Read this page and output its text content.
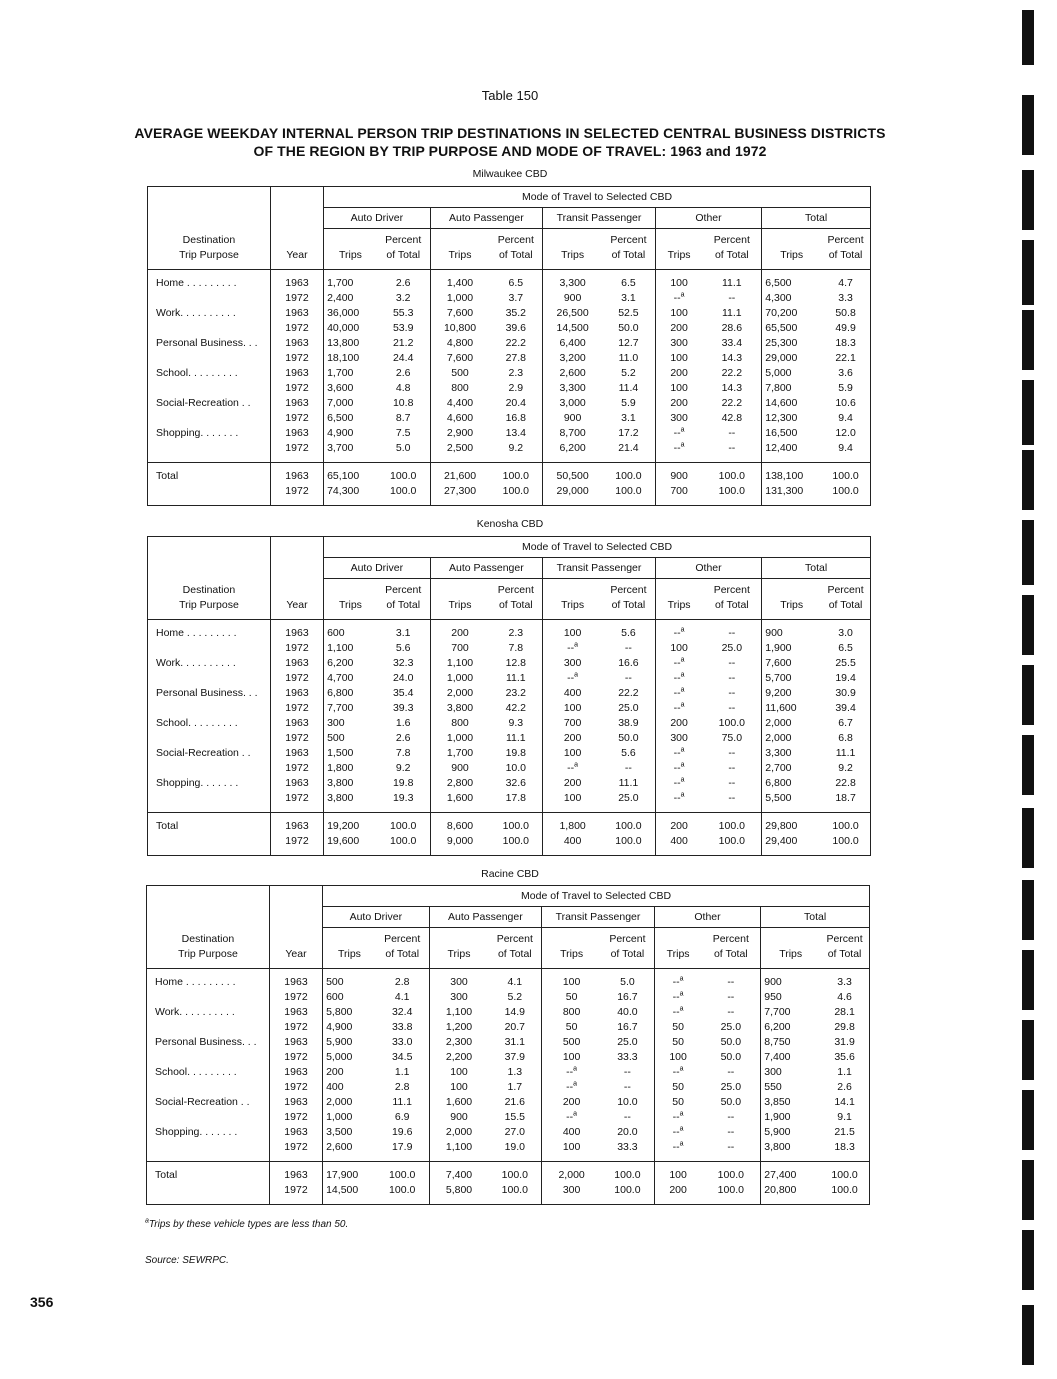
Table 150
AVERAGE WEEKDAY INTERNAL PERSON TRIP DESTINATIONS IN SELECTED CENTRAL BUSINESS DISTRICTS
OF THE REGION BY TRIP PURPOSE AND MODE OF TRAVEL: 1963 and 1972
Milwaukee CBD
		Mode of Travel to Selected CBD									
		Auto Driver		Auto Passenger		Transit Passenger		Other		Total	

Destination			Percent		Percent		Percent		Percent		Percent
Trip Purpose	Year	Trips	of Total	Trips	of Total	Trips	of Total	Trips	of Total	Trips	of Total

Home . . . . . . . . .	1963	1,700	2.6	1,400	6.5	3,300	6.5	100	11.1	6,500	4.7
	1972	2,400	3.2	1,000	3.7	900	3.1	--$^a$	--	4,300	3.3
Work. . . . . . . . . .	1963	36,000	55.3	7,600	35.2	26,500	52.5	100	11.1	70,200	50.8
	1972	40,000	53.9	10,800	39.6	14,500	50.0	200	28.6	65,500	49.9
Personal Business. . .	1963	13,800	21.2	4,800	22.2	6,400	12.7	300	33.4	25,300	18.3
	1972	18,100	24.4	7,600	27.8	3,200	11.0	100	14.3	29,000	22.1
School. . . . . . . . .	1963	1,700	2.6	500	2.3	2,600	5.2	200	22.2	5,000	3.6
	1972	3,600	4.8	800	2.9	3,300	11.4	100	14.3	7,800	5.9
Social-Recreation . .	1963	7,000	10.8	4,400	20.4	3,000	5.9	200	22.2	14,600	10.6
	1972	6,500	8.7	4,600	16.8	900	3.1	300	42.8	12,300	9.4
Shopping. . . . . . .	1963	4,900	7.5	2,900	13.4	8,700	17.2	--$^a$	--	16,500	12.0
	1972	3,700	5.0	2,500	9.2	6,200	21.4	--$^a$	--	12,400	9.4

Total	1963	65,100	100.0	21,600	100.0	50,500	100.0	900	100.0	138,100	100.0
	1972	74,300	100.0	27,300	100.0	29,000	100.0	700	100.0	131,300	100.0

Kenosha CBD
		Mode of Travel to Selected CBD									
		Auto Driver		Auto Passenger		Transit Passenger		Other		Total	

Destination			Percent		Percent		Percent		Percent		Percent
Trip Purpose	Year	Trips	of Total	Trips	of Total	Trips	of Total	Trips	of Total	Trips	of Total

Home . . . . . . . . .	1963	600	3.1	200	2.3	100	5.6	--$^a$	--	900	3.0
	1972	1,100	5.6	700	7.8	--$^a$	--	100	25.0	1,900	6.5
Work. . . . . . . . . .	1963	6,200	32.3	1,100	12.8	300	16.6	--$^a$	--	7,600	25.5
	1972	4,700	24.0	1,000	11.1	--$^a$	--	--$^a$	--	5,700	19.4
Personal Business. . .	1963	6,800	35.4	2,000	23.2	400	22.2	--$^a$	--	9,200	30.9
	1972	7,700	39.3	3,800	42.2	100	25.0	--$^a$	--	11,600	39.4
School. . . . . . . . .	1963	300	1.6	800	9.3	700	38.9	200	100.0	2,000	6.7
	1972	500	2.6	1,000	11.1	200	50.0	300	75.0	2,000	6.8
Social-Recreation . .	1963	1,500	7.8	1,700	19.8	100	5.6	--$^a$	--	3,300	11.1
	1972	1,800	9.2	900	10.0	--$^a$	--	--$^a$	--	2,700	9.2
Shopping. . . . . . .	1963	3,800	19.8	2,800	32.6	200	11.1	--$^a$	--	6,800	22.8
	1972	3,800	19.3	1,600	17.8	100	25.0	--$^a$	--	5,500	18.7

Total	1963	19,200	100.0	8,600	100.0	1,800	100.0	200	100.0	29,800	100.0
	1972	19,600	100.0	9,000	100.0	400	100.0	400	100.0	29,400	100.0

Racine CBD
		Mode of Travel to Selected CBD									
		Auto Driver		Auto Passenger		Transit Passenger		Other		Total	

Destination			Percent		Percent		Percent		Percent		Percent
Trip Purpose	Year	Trips	of Total	Trips	of Total	Trips	of Total	Trips	of Total	Trips	of Total

Home . . . . . . . . .	1963	500	2.8	300	4.1	100	5.0	--$^a$	--	900	3.3
	1972	600	4.1	300	5.2	50	16.7	--$^a$	--	950	4.6
Work. . . . . . . . . .	1963	5,800	32.4	1,100	14.9	800	40.0	--$^a$	--	7,700	28.1
	1972	4,900	33.8	1,200	20.7	50	16.7	50	25.0	6,200	29.8
Personal Business. . .	1963	5,900	33.0	2,300	31.1	500	25.0	50	50.0	8,750	31.9
	1972	5,000	34.5	2,200	37.9	100	33.3	100	50.0	7,400	35.6
School. . . . . . . . .	1963	200	1.1	100	1.3	--$^a$	--	--$^a$	--	300	1.1
	1972	400	2.8	100	1.7	--$^a$	--	50	25.0	550	2.6
Social-Recreation . .	1963	2,000	11.1	1,600	21.6	200	10.0	50	50.0	3,850	14.1
	1972	1,000	6.9	900	15.5	--$^a$	--	--$^a$	--	1,900	9.1
Shopping. . . . . . .	1963	3,500	19.6	2,000	27.0	400	20.0	--$^a$	--	5,900	21.5
	1972	2,600	17.9	1,100	19.0	100	33.3	--$^a$	--	3,800	18.3

Total	1963	17,900	100.0	7,400	100.0	2,000	100.0	100	100.0	27,400	100.0
	1972	14,500	100.0	5,800	100.0	300	100.0	200	100.0	20,800	100.0

$^a$Trips by these vehicle types are less than 50.
Source: SEWRPC.
356
